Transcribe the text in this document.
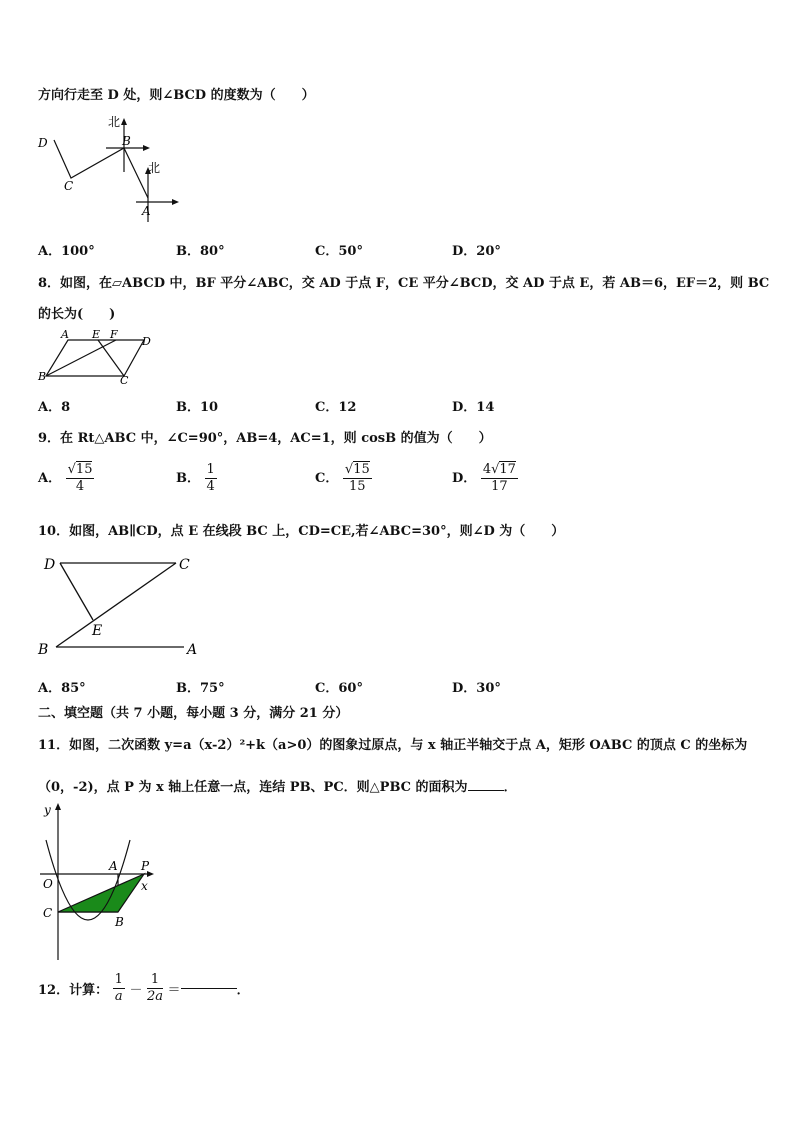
方向行走至 D 处，则∠BCD 的度数为（　　）
北
北
D
C
B
A
A．100°	B．80°	C．50°	D．20°
8．如图，在▱ABCD 中，BF 平分∠ABC，交 AD 于点 F，CE 平分∠BCD，交 AD 于点 E，若 AB＝6，EF＝2，则 BC
的长为(　　)
A E F
D
B	C
A．8	B．10	C．12	D．14
9．在 Rt△ABC 中，∠C=90°，AB=4，AC=1，则 cosB 的值为（　　）
A． $\frac{√15}{4}$	B． $\frac{1}{4}$	C． $\frac{√15}{15}$	D． $\frac{4√17}{17}$
10．如图，AB∥CD，点 E 在线段 BC 上，CD=CE,若∠ABC=30°，则∠D 为（　　）
D	C
E
B	A
A．85°	B．75°	C．60°	D．30°
二、填空题（共 7 小题，每小题 3 分，满分 21 分）
11．如图，二次函数 y=a（x-2）²+k（a>0）的图象过原点，与 x 轴正半轴交于点 A，矩形 OABC 的顶点 C 的坐标为
（0，-2)，点 P 为 x 轴上任意一点，连结 PB、PC．则△PBC 的面积为	．
y
x
O
A P
C
B
12．计算： $\frac{1}{a} - \frac{1}{2a}$ ＝	．
